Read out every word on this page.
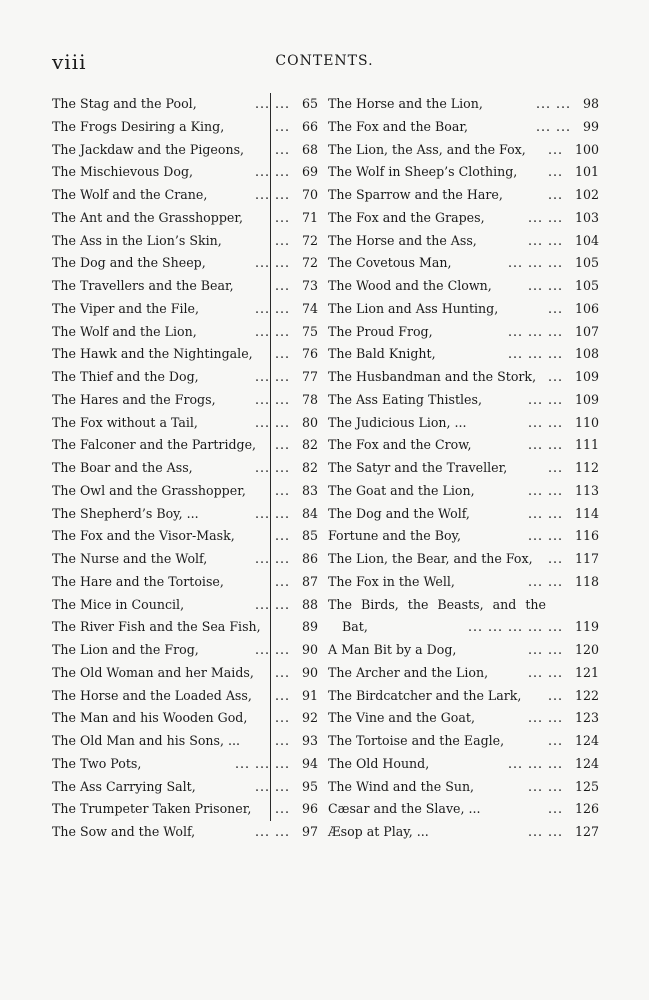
viii	CONTENTS.
The Stag and the Pool,	... ... 65
The Frogs Desiring a King,	... 66
The Jackdaw and the Pigeons, ... 68
The Mischievous Dog,	... ... 69
The Wolf and the Crane,	... ... 70
The Ant and the Grasshopper,	... 71
The Ass in the Lion’s Skin,	... 72
The Dog and the Sheep,	... ... 72
The Travellers and the Bear,	... 73
The Viper and the File,	... ... 74
The Wolf and the Lion,	... ... 75
The Hawk and the Nightingale, ... 76
The Thief and the Dog,	... ... 77
The Hares and the Frogs,	... ... 78
The Fox without a Tail,	... ... 80
The Falconer and the Partridge, ... 82
The Boar and the Ass,	... ... 82
The Owl and the Grasshopper, ... 83
The Shepherd’s Boy, ...	... ... 84
The Fox and the Visor-Mask,	... 85
The Nurse and the Wolf,	... ... 86
The Hare and the Tortoise,	... 87
The Mice in Council,	... ... 88
The River Fish and the Sea Fish,	89
The Lion and the Frog,	... ... 90
The Old Woman and her Maids, ... 90
The Horse and the Loaded Ass, ... 91
The Man and his Wooden God, ... 92
The Old Man and his Sons, ...	... 93
The Two Pots,	... ... ... 94
The Ass Carrying Salt,	... ... 95
The Trumpeter Taken Prisoner, ... 96
The Sow and the Wolf,	... ... 97
The Horse and the Lion,	... ... 98
The Fox and the Boar,	... ... 99
The Lion, the Ass, and the Fox, ... 100
The Wolf in Sheep’s Clothing, ... 101
The Sparrow and the Hare,	... 102
The Fox and the Grapes,	... ... 103
The Horse and the Ass,	... ... 104
The Covetous Man,	... ... ... 105
The Wood and the Clown,	... ... 105
The Lion and Ass Hunting,	... 106
The Proud Frog,	... ... ... 107
The Bald Knight,	... ... ... 108
The Husbandman and the Stork, ... 109
The Ass Eating Thistles,	... ... 109
The Judicious Lion, ...	... ... 110
The Fox and the Crow,	... ... 111
The Satyr and the Traveller,	... 112
The Goat and the Lion,	... ... 113
The Dog and the Wolf,	... ... 114
Fortune and the Boy,	... ... 116
The Lion, the Bear, and the Fox, ... 117
The Fox in the Well,	... ... 118
The Birds, the Beasts, and the
Bat,	... ... ... ... ... 119
A Man Bit by a Dog,	... ... 120
The Archer and the Lion,	... ... 121
The Birdcatcher and the Lark, ... 122
The Vine and the Goat,	... ... 123
The Tortoise and the Eagle,	... 124
The Old Hound,	... ... ... 124
The Wind and the Sun,	... ... 125
Cæsar and the Slave, ...	... 126
Æsop at Play, ...	... ... 127
